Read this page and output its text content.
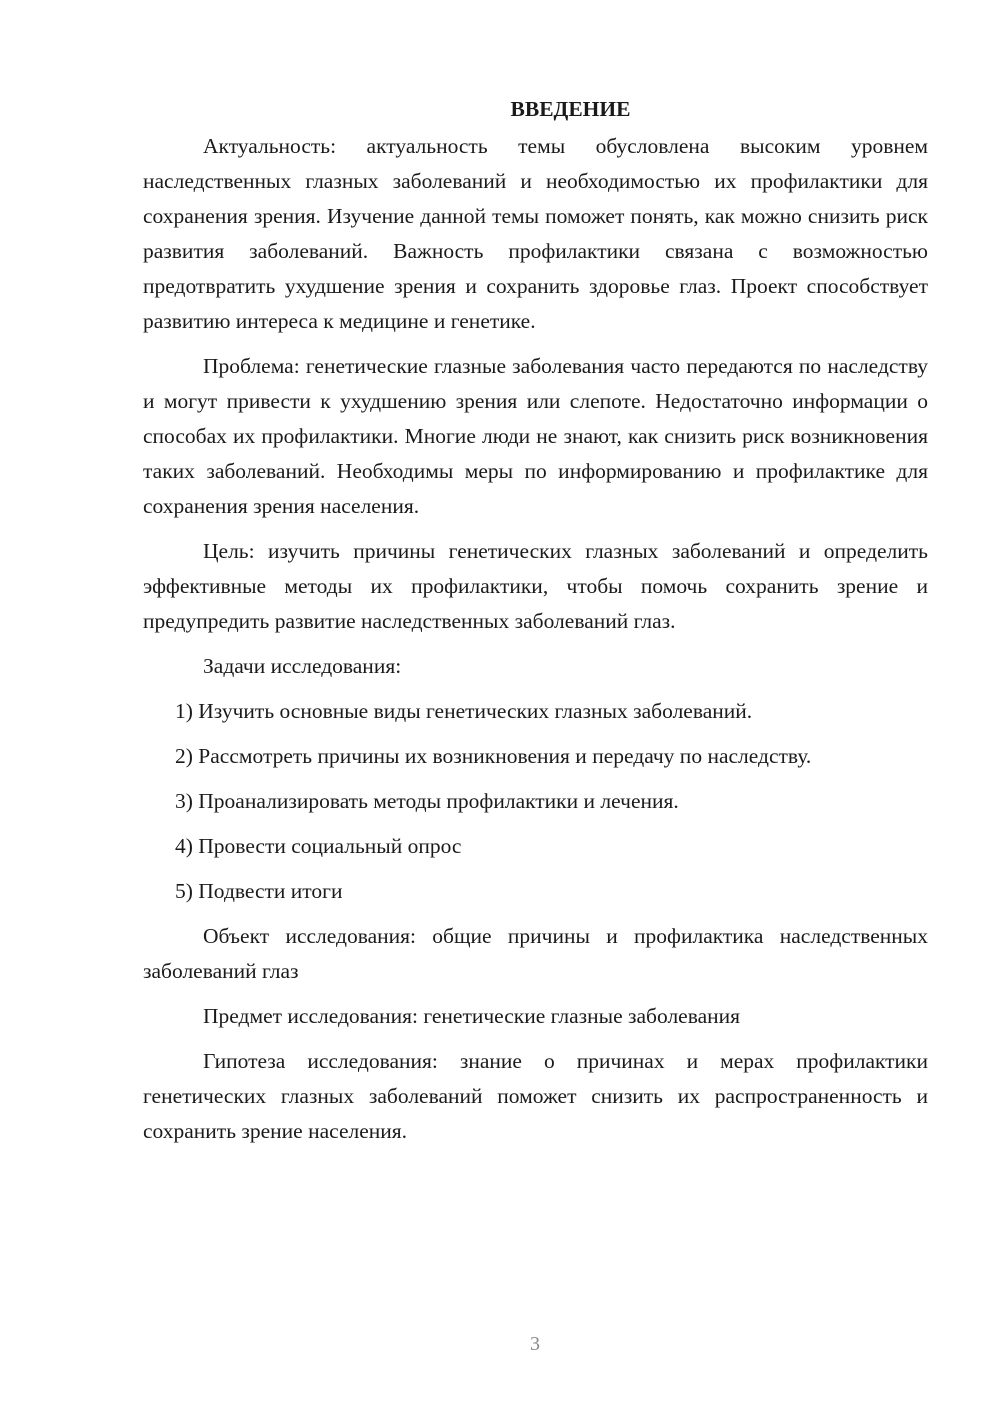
ВВЕДЕНИЕ

Актуальность: актуальность темы обусловлена высоким уровнем наследственных глазных заболеваний и необходимостью их профилактики для сохранения зрения. Изучение данной темы поможет понять, как можно снизить риск развития заболеваний. Важность профилактики связана с возможностью предотвратить ухудшение зрения и сохранить здоровье глаз. Проект способствует развитию интереса к медицине и генетике.

Проблема: генетические глазные заболевания часто передаются по наследству и могут привести к ухудшению зрения или слепоте. Недостаточно информации о способах их профилактики. Многие люди не знают, как снизить риск возникновения таких заболеваний. Необходимы меры по информированию и профилактике для сохранения зрения населения.

Цель: изучить причины генетических глазных заболеваний и определить эффективные методы их профилактики, чтобы помочь сохранить зрение и предупредить развитие наследственных заболеваний глаз.

Задачи исследования:
1) Изучить основные виды генетических глазных заболеваний.
2) Рассмотреть причины их возникновения и передачу по наследству.
3) Проанализировать методы профилактики и лечения.
4) Провести социальный опрос
5) Подвести итоги

Объект исследования: общие причины и профилактика наследственных заболеваний глаз

Предмет исследования: генетические глазные заболевания

Гипотеза исследования: знание о причинах и мерах профилактики генетических глазных заболеваний поможет снизить их распространенность и сохранить зрение населения.

3
